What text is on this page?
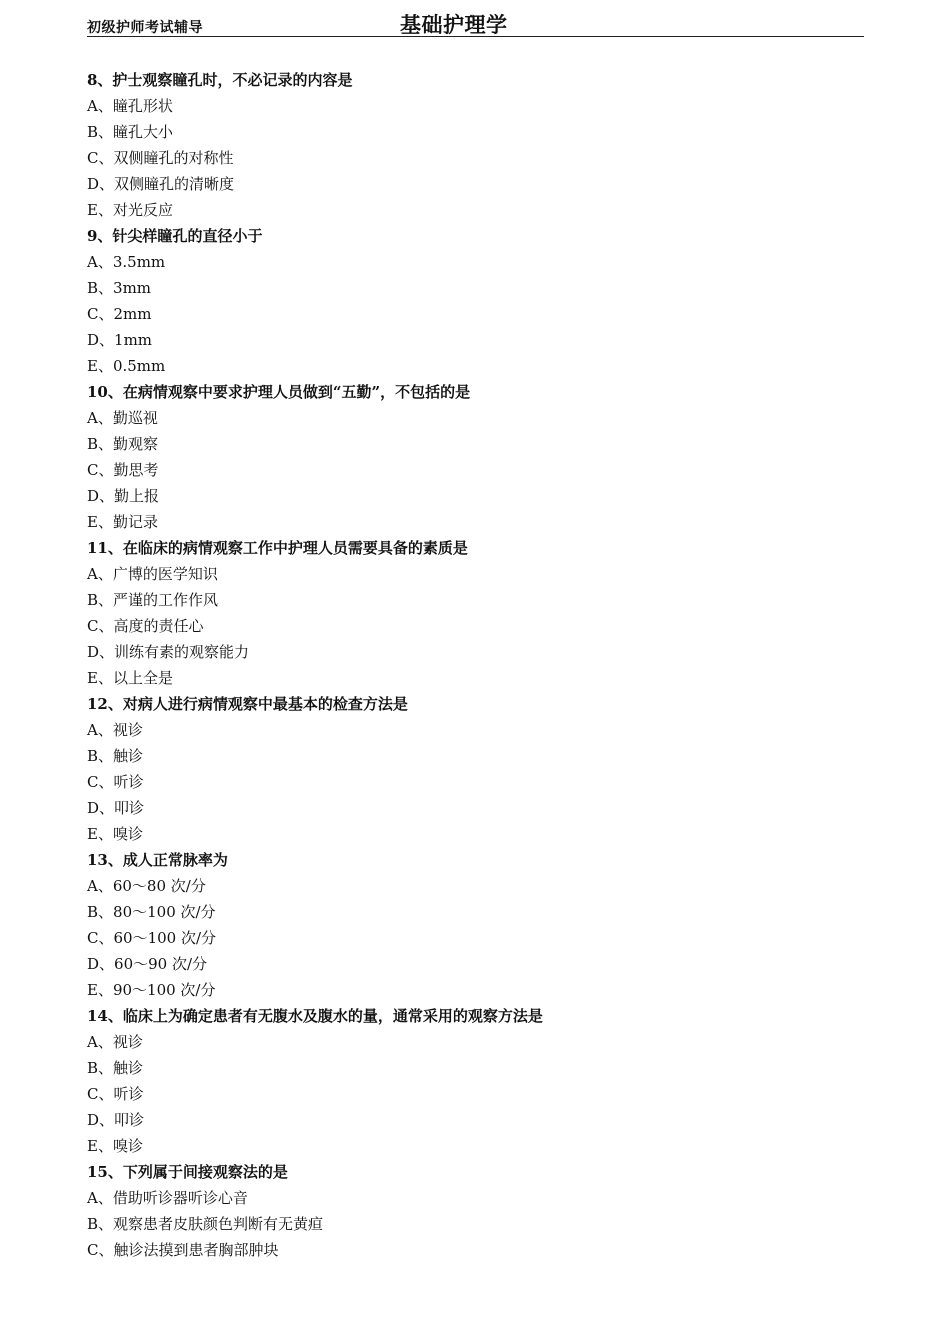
初级护师考试辅导	基础护理学
8、护士观察瞳孔时，不必记录的内容是
A、瞳孔形状
B、瞳孔大小
C、双侧瞳孔的对称性
D、双侧瞳孔的清晰度
E、对光反应
9、针尖样瞳孔的直径小于
A、3.5mm
B、3mm
C、2mm
D、1mm
E、0.5mm
10、在病情观察中要求护理人员做到“五勤”，不包括的是
A、勤巡视
B、勤观察
C、勤思考
D、勤上报
E、勤记录
11、在临床的病情观察工作中护理人员需要具备的素质是
A、广博的医学知识
B、严谨的工作作风
C、高度的责任心
D、训练有素的观察能力
E、以上全是
12、对病人进行病情观察中最基本的检查方法是
A、视诊
B、触诊
C、听诊
D、叩诊
E、嗅诊
13、成人正常脉率为
A、60～80 次/分
B、80～100 次/分
C、60～100 次/分
D、60～90 次/分
E、90～100 次/分
14、临床上为确定患者有无腹水及腹水的量，通常采用的观察方法是
A、视诊
B、触诊
C、听诊
D、叩诊
E、嗅诊
15、下列属于间接观察法的是
A、借助听诊器听诊心音
B、观察患者皮肤颜色判断有无黄疸
C、触诊法摸到患者胸部肿块
